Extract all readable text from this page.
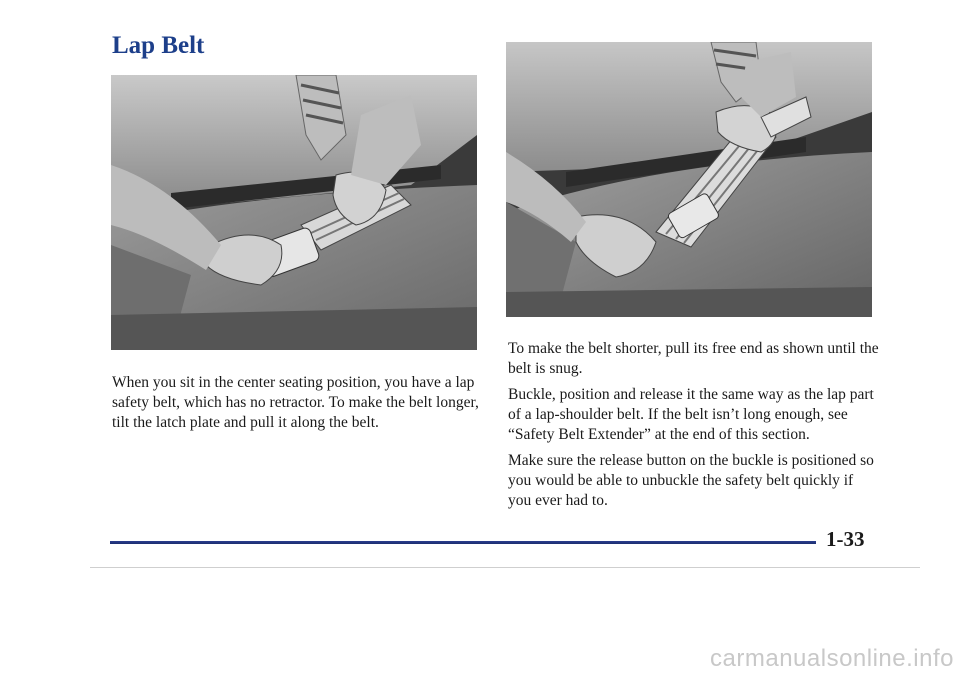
Lap Belt

When you sit in the center seating position, you have a lap safety belt, which has no retractor. To make the belt longer, tilt the latch plate and pull it along the belt.

To make the belt shorter, pull its free end as shown until the belt is snug.

Buckle, position and release it the same way as the lap part of a lap-shoulder belt. If the belt isn’t long enough, see “Safety Belt Extender” at the end of this section.

Make sure the release button on the buckle is positioned so you would be able to unbuckle the safety belt quickly if you ever had to.

1-33
carmanualsonline.info
